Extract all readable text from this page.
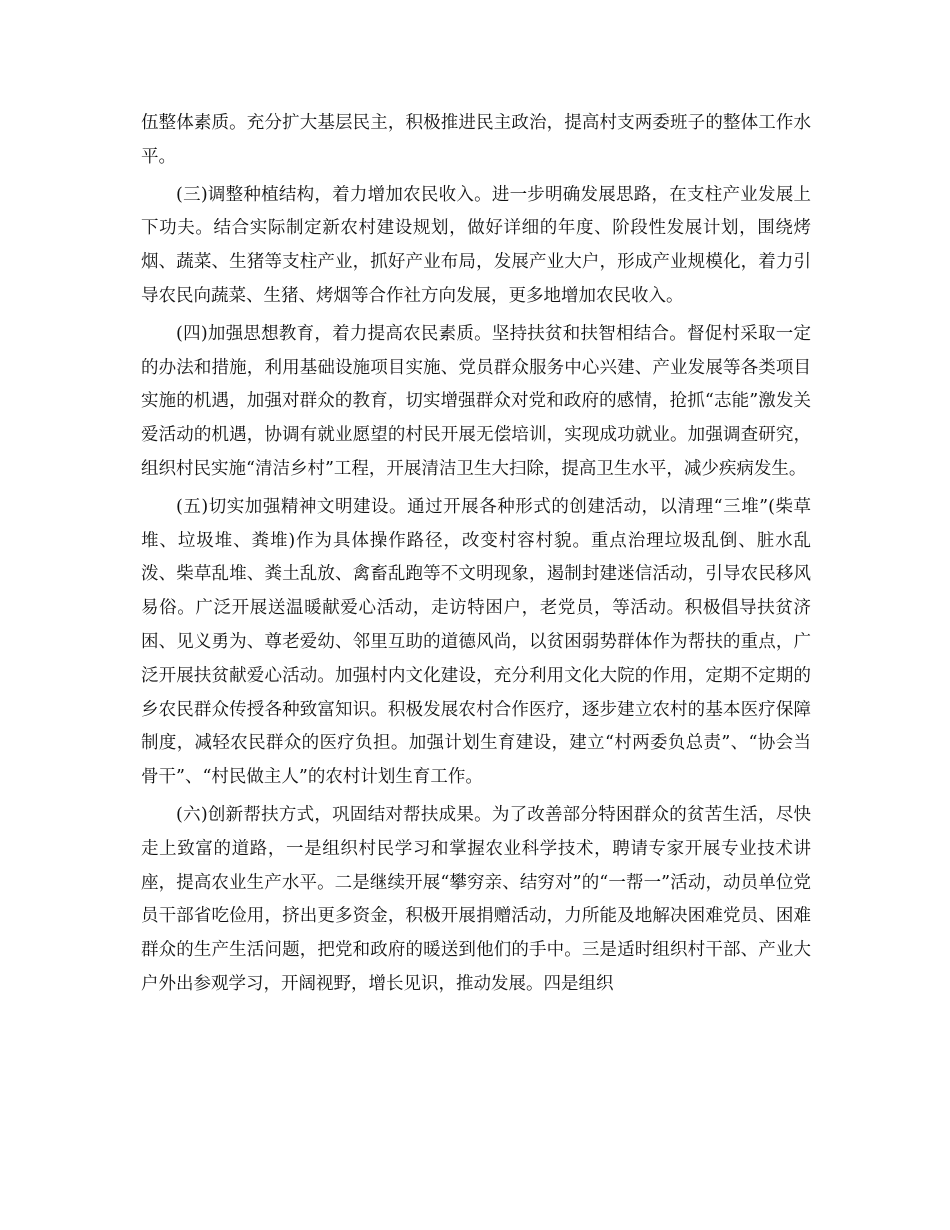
伍整体素质。充分扩大基层民主，积极推进民主政治，提高村支两委班子的整体工作水平。

(三)调整种植结构，着力增加农民收入。进一步明确发展思路，在支柱产业发展上下功夫。结合实际制定新农村建设规划，做好详细的年度、阶段性发展计划，围绕烤烟、蔬菜、生猪等支柱产业，抓好产业布局，发展产业大户，形成产业规模化，着力引导农民向蔬菜、生猪、烤烟等合作社方向发展，更多地增加农民收入。

(四)加强思想教育，着力提高农民素质。坚持扶贫和扶智相结合。督促村采取一定的办法和措施，利用基础设施项目实施、党员群众服务中心兴建、产业发展等各类项目实施的机遇，加强对群众的教育，切实增强群众对党和政府的感情，抢抓“志能”激发关爱活动的机遇，协调有就业愿望的村民开展无偿培训，实现成功就业。加强调查研究，组织村民实施“清洁乡村”工程，开展清洁卫生大扫除，提高卫生水平，减少疾病发生。

(五)切实加强精神文明建设。通过开展各种形式的创建活动，以清理“三堆”(柴草堆、垃圾堆、粪堆)作为具体操作路径，改变村容村貌。重点治理垃圾乱倒、脏水乱泼、柴草乱堆、粪土乱放、禽畜乱跑等不文明现象，遏制封建迷信活动，引导农民移风易俗。广泛开展送温暖献爱心活动，走访特困户，老党员，等活动。积极倡导扶贫济困、见义勇为、尊老爱幼、邻里互助的道德风尚，以贫困弱势群体作为帮扶的重点，广泛开展扶贫献爱心活动。加强村内文化建设，充分利用文化大院的作用，定期不定期的乡农民群众传授各种致富知识。积极发展农村合作医疗，逐步建立农村的基本医疗保障制度，减轻农民群众的医疗负担。加强计划生育建设，建立“村两委负总责”、“协会当骨干”、“村民做主人”的农村计划生育工作。

(六)创新帮扶方式，巩固结对帮扶成果。为了改善部分特困群众的贫苦生活，尽快走上致富的道路，一是组织村民学习和掌握农业科学技术，聘请专家开展专业技术讲座，提高农业生产水平。二是继续开展“攀穷亲、结穷对”的“一帮一”活动，动员单位党员干部省吃俭用，挤出更多资金，积极开展捐赠活动，力所能及地解决困难党员、困难群众的生产生活问题，把党和政府的暖送到他们的手中。三是适时组织村干部、产业大户外出参观学习，开阔视野，增长见识，推动发展。四是组织
